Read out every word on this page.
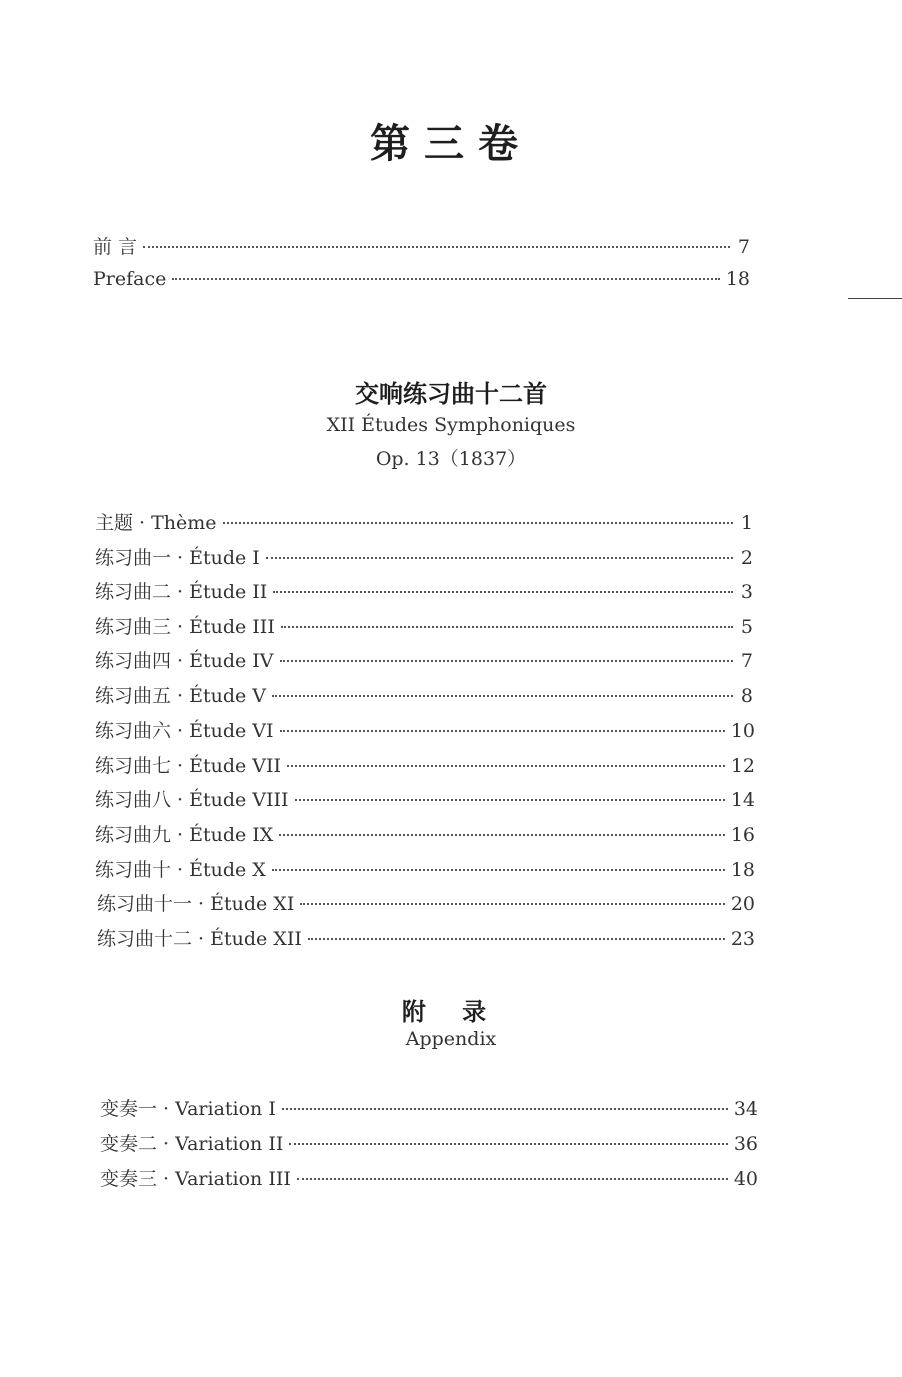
第三卷
前 言	7
Preface	18
交响练习曲十二首
XII Études Symphoniques
Op. 13（1837）
主题 · Thème	1
练习曲一 · Étude I	2
练习曲二 · Étude II	3
练习曲三 · Étude III	5
练习曲四 · Étude IV	7
练习曲五 · Étude V	8
练习曲六 · Étude VI	10
练习曲七 · Étude VII	12
练习曲八 · Étude VIII	14
练习曲九 · Étude IX	16
练习曲十 · Étude X	18
练习曲十一 · Étude XI	20
练习曲十二 · Étude XII	23
附 录
Appendix
变奏一 · Variation I	34
变奏二 · Variation II	36
变奏三 · Variation III	40
